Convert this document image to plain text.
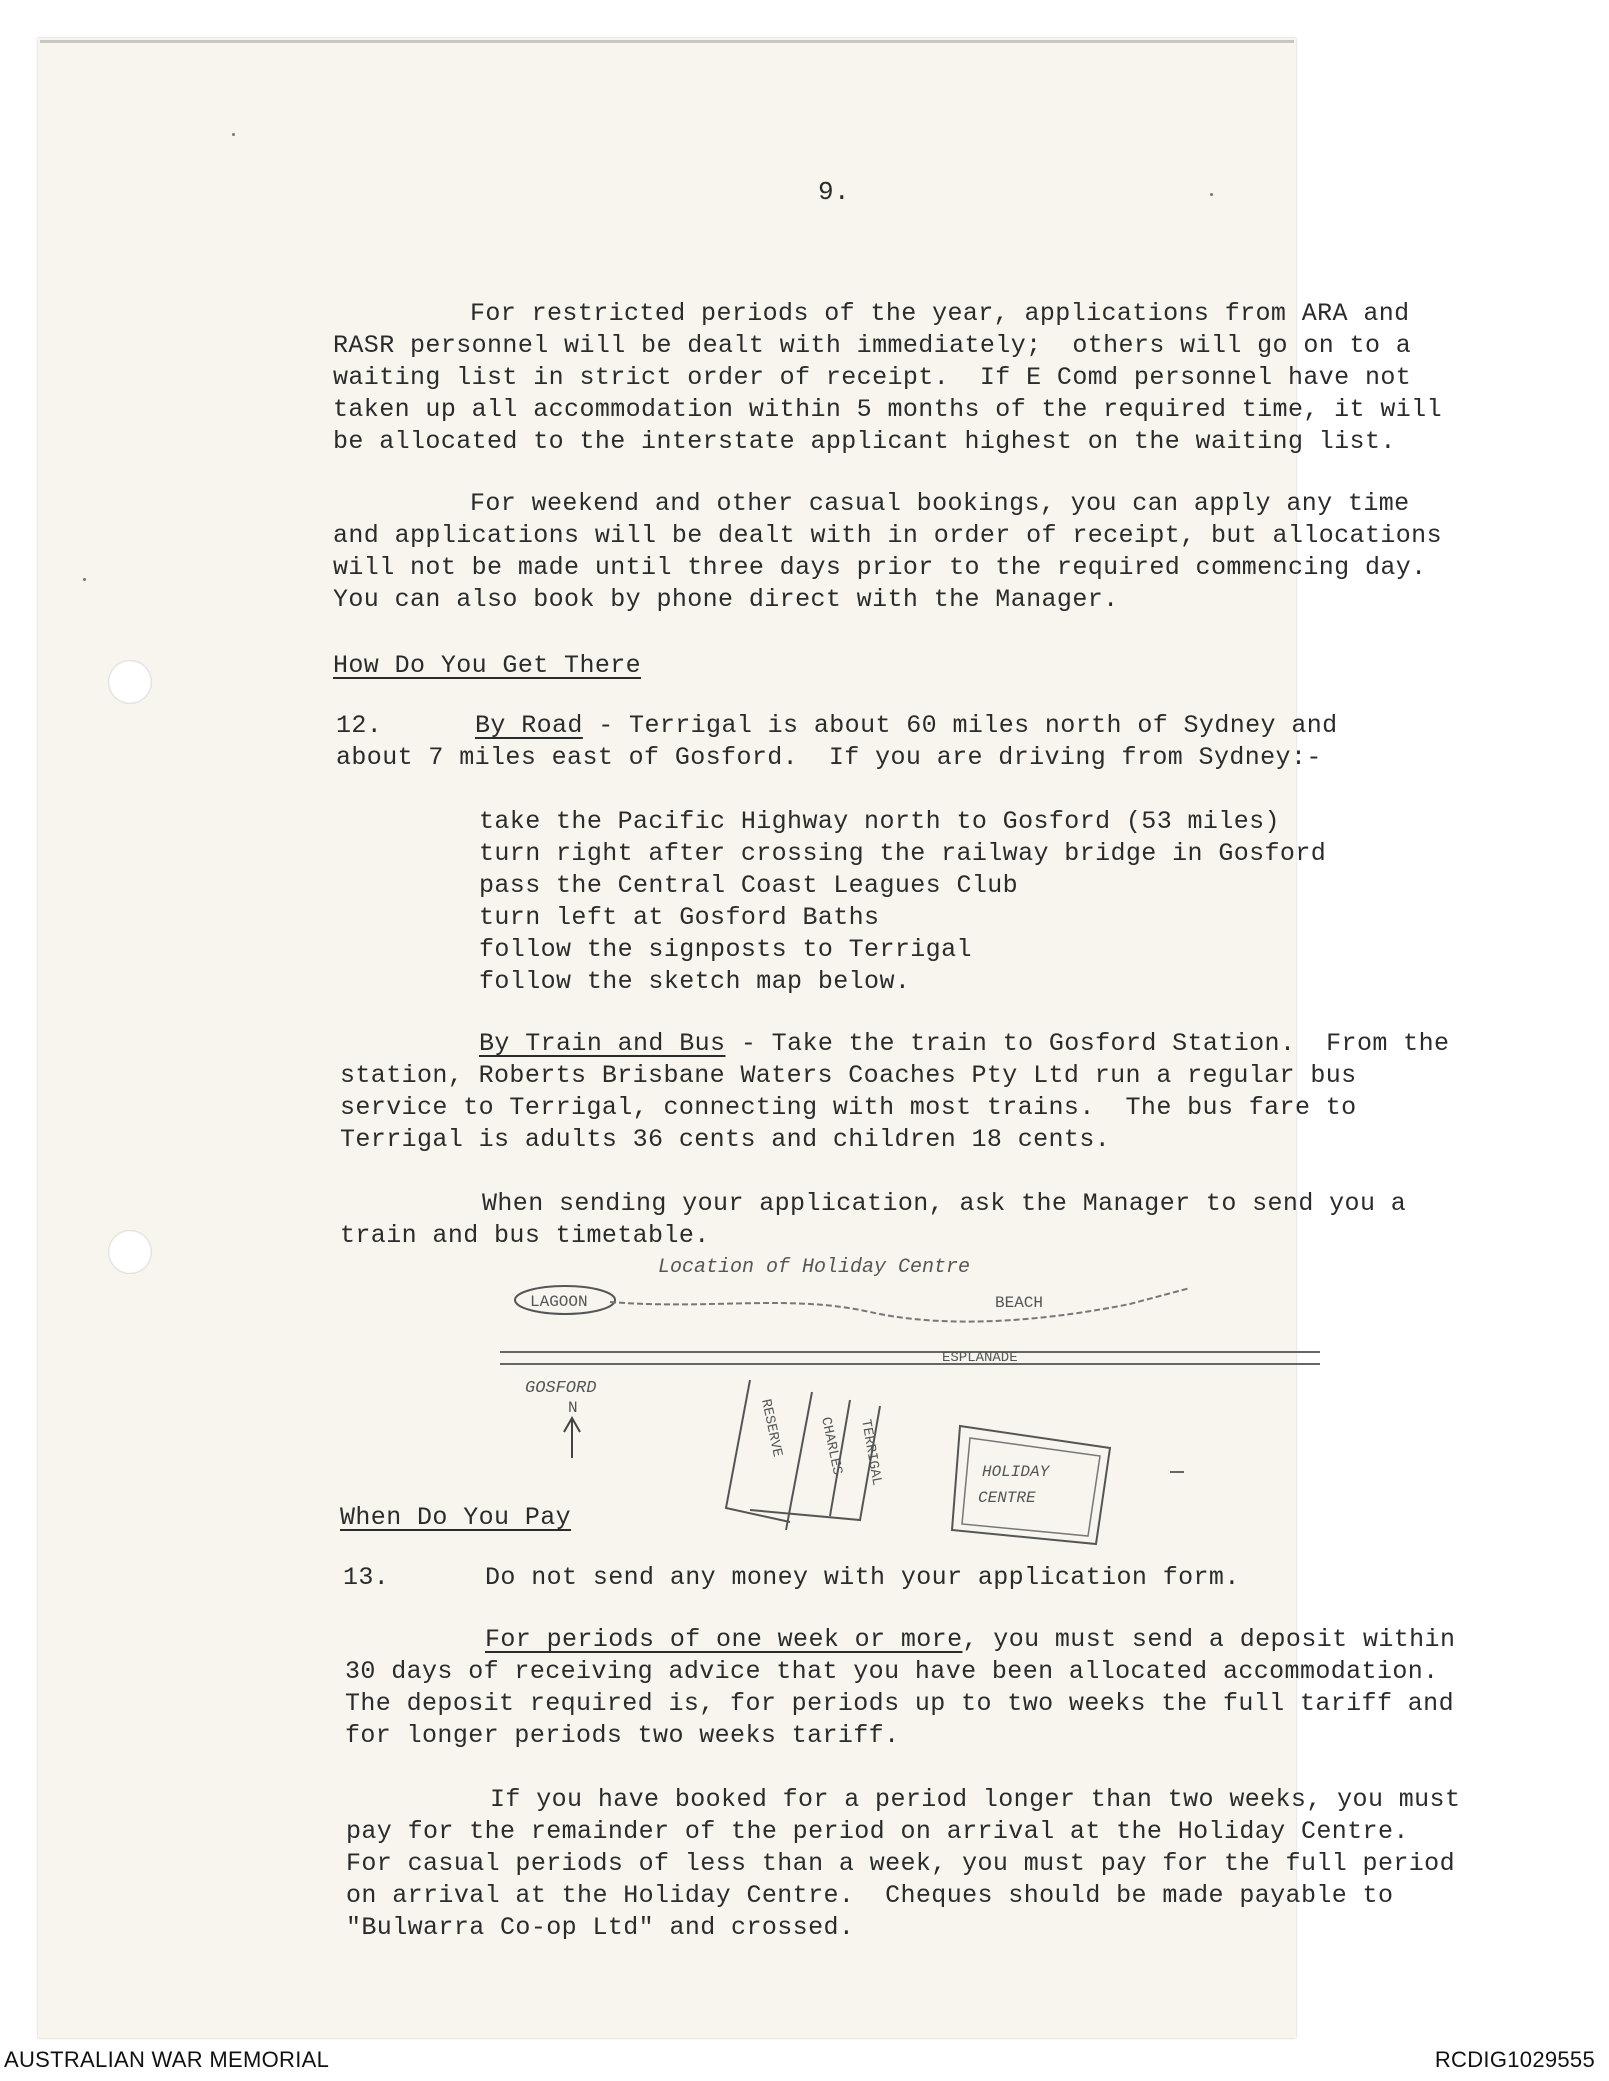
9.
For restricted periods of the year, applications from ARA and
RASR personnel will be dealt with immediately;  others will go on to a
waiting list in strict order of receipt.  If E Comd personnel have not
taken up all accommodation within 5 months of the required time, it will
be allocated to the interstate applicant highest on the waiting list.
For weekend and other casual bookings, you can apply any time
and applications will be dealt with in order of receipt, but allocations
will not be made until three days prior to the required commencing day.
You can also book by phone direct with the Manager.
How Do You Get There
12.	By Road - Terrigal is about 60 miles north of Sydney and
about 7 miles east of Gosford.  If you are driving from Sydney:-
take the Pacific Highway north to Gosford (53 miles)
turn right after crossing the railway bridge in Gosford
pass the Central Coast Leagues Club
turn left at Gosford Baths
follow the signposts to Terrigal
follow the sketch map below.
By Train and Bus - Take the train to Gosford Station.  From the
station, Roberts Brisbane Waters Coaches Pty Ltd run a regular bus
service to Terrigal, connecting with most trains.  The bus fare to
Terrigal is adults 36 cents and children 18 cents.
When sending your application, ask the Manager to send you a
train and bus timetable.
Location of Holiday Centre
LAGOON	BEACH
ESPLANADE
GOSFORD
N	RESERVE CHARLES TERRIGAL	HOLIDAY
CENTRE
When Do You Pay
13.	Do not send any money with your application form.
For periods of one week or more, you must send a deposit within
30 days of receiving advice that you have been allocated accommodation.
The deposit required is, for periods up to two weeks the full tariff and
for longer periods two weeks tariff.
If you have booked for a period longer than two weeks, you must
pay for the remainder of the period on arrival at the Holiday Centre.
For casual periods of less than a week, you must pay for the full period
on arrival at the Holiday Centre.  Cheques should be made payable to
"Bulwarra Co-op Ltd" and crossed.
AUSTRALIAN WAR MEMORIAL	RCDIG1029555
